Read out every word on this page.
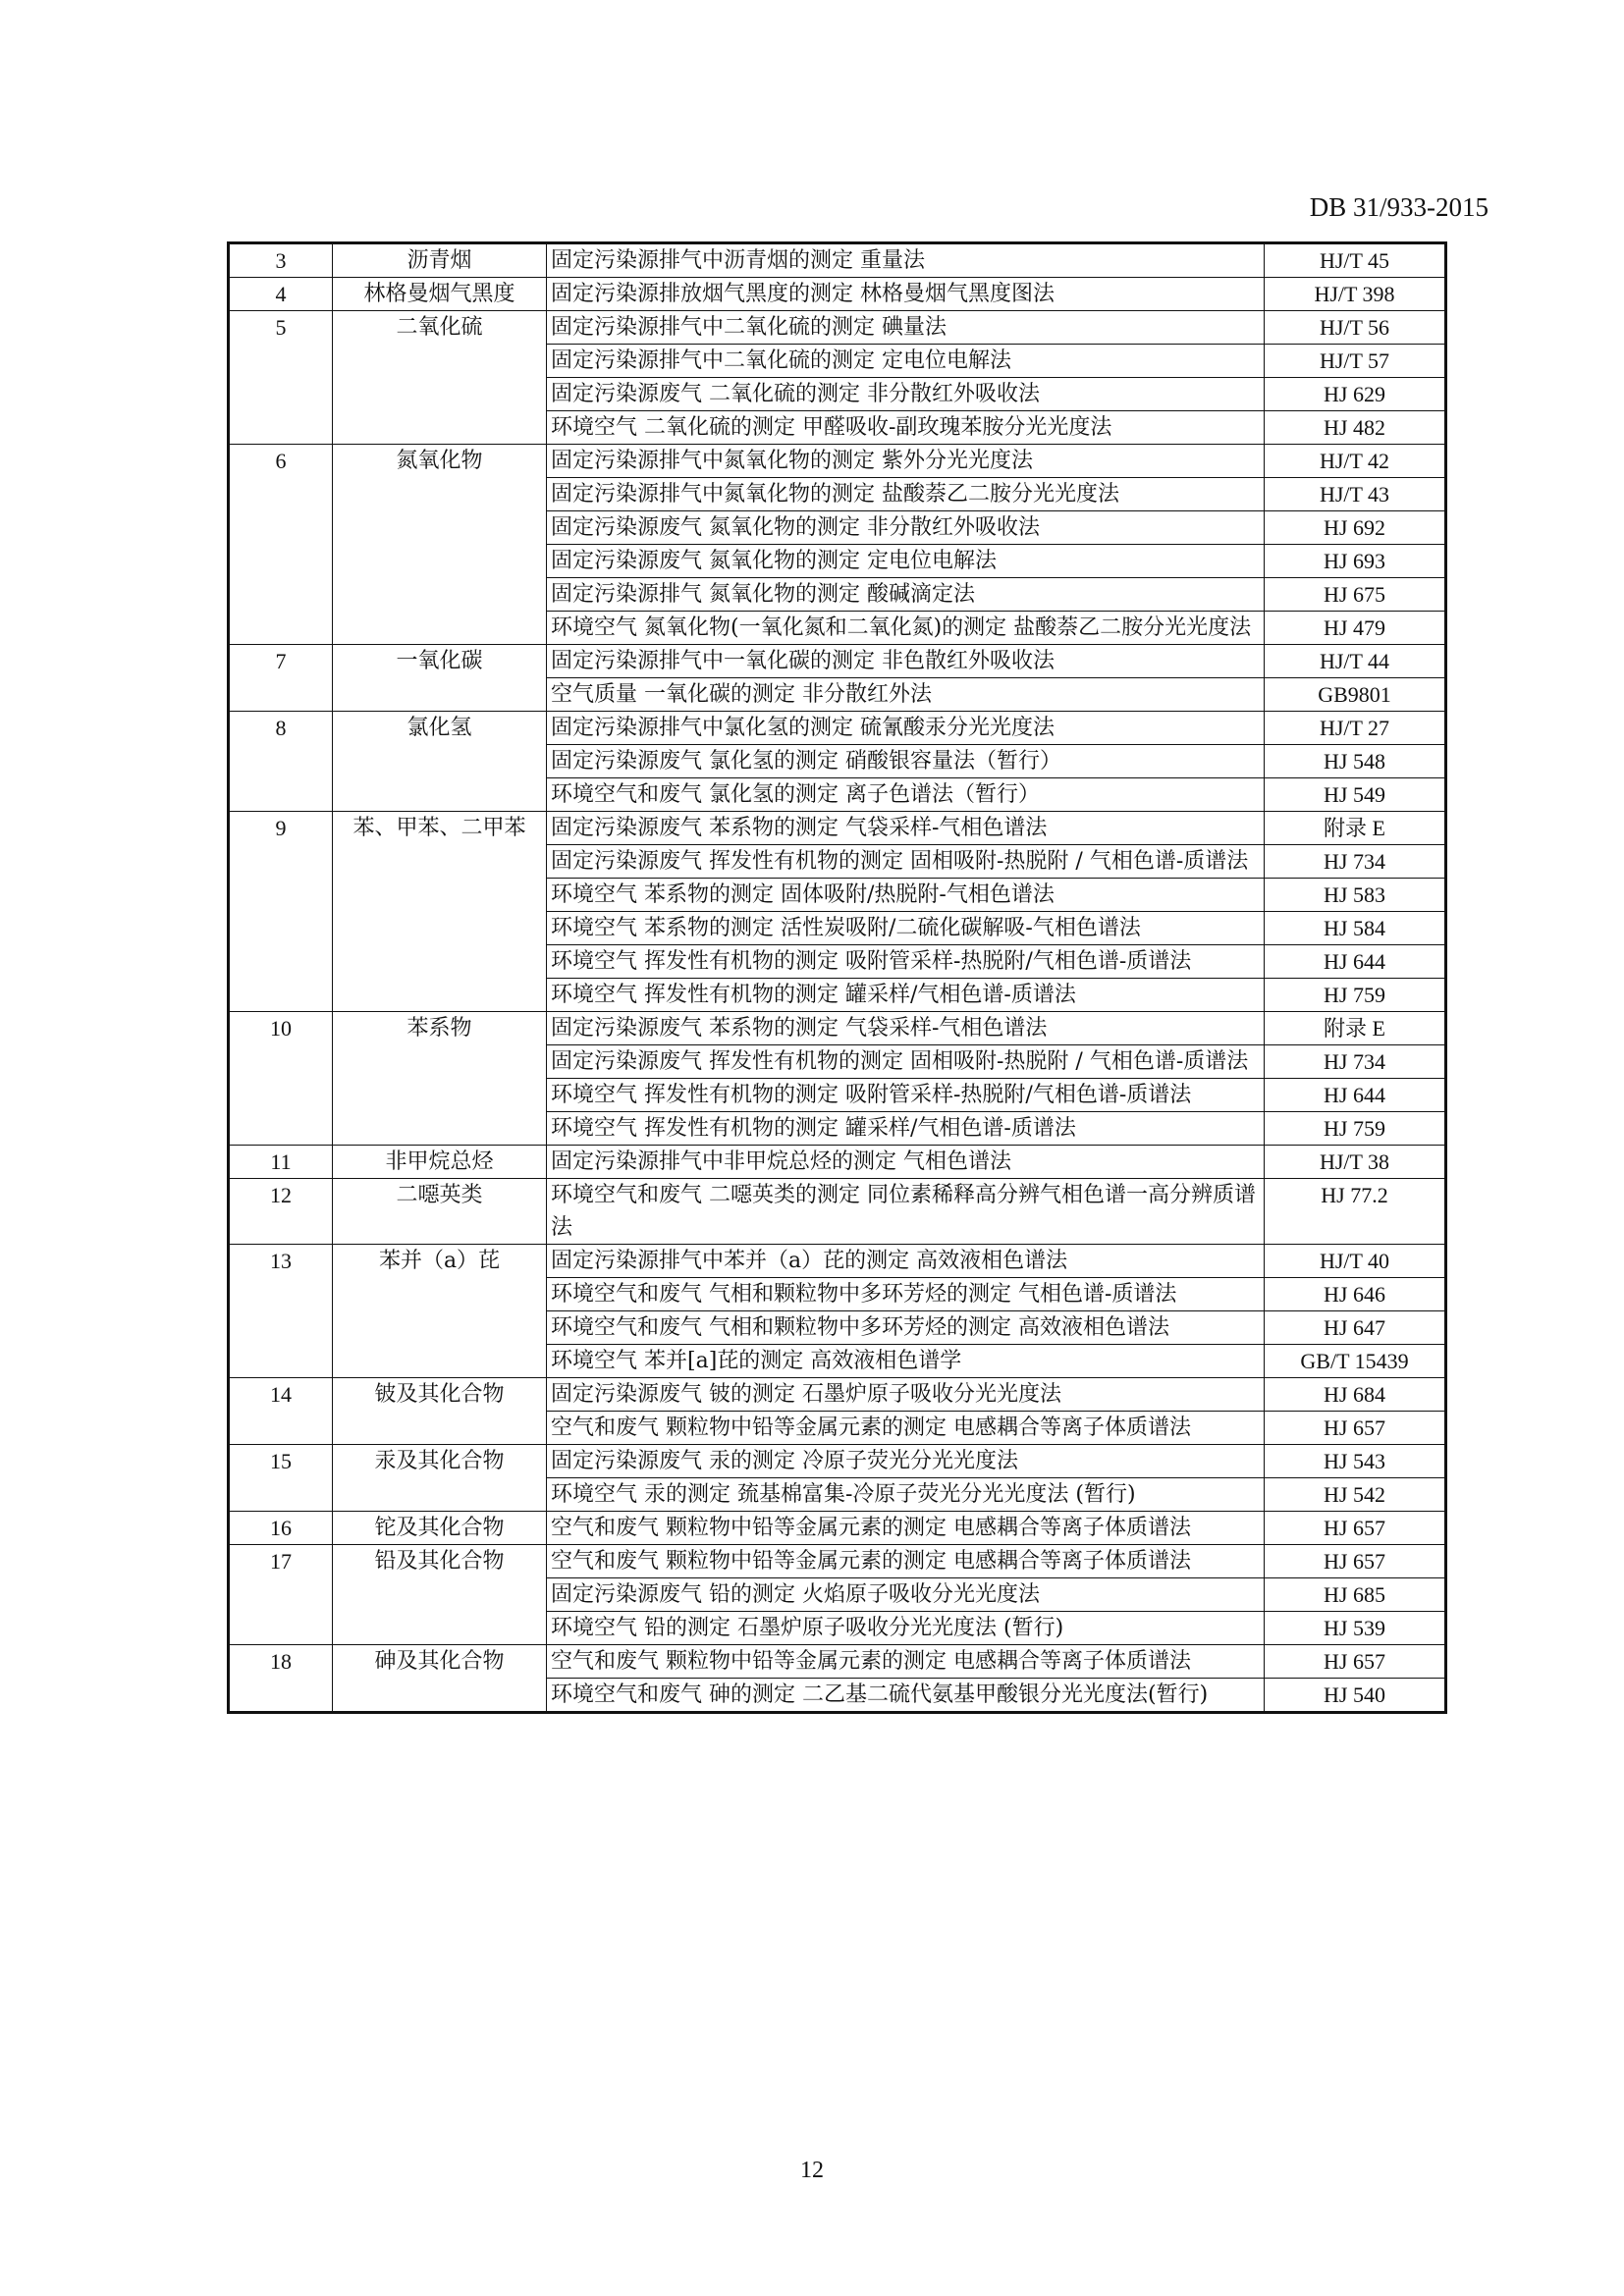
DB 31/933-2015
3	沥青烟	固定污染源排气中沥青烟的测定 重量法	HJ/T 45
4	林格曼烟气黑度	固定污染源排放烟气黑度的测定 林格曼烟气黑度图法	HJ/T 398
5	二氧化硫	固定污染源排气中二氧化硫的测定 碘量法	HJ/T 56
		固定污染源排气中二氧化硫的测定 定电位电解法	HJ/T 57
		固定污染源废气 二氧化硫的测定 非分散红外吸收法	HJ 629
		环境空气 二氧化硫的测定 甲醛吸收-副玫瑰苯胺分光光度法	HJ 482
6	氮氧化物	固定污染源排气中氮氧化物的测定 紫外分光光度法	HJ/T 42
		固定污染源排气中氮氧化物的测定 盐酸萘乙二胺分光光度法	HJ/T 43
		固定污染源废气 氮氧化物的测定 非分散红外吸收法	HJ 692
		固定污染源废气 氮氧化物的测定 定电位电解法	HJ 693
		固定污染源排气 氮氧化物的测定 酸碱滴定法	HJ 675
		环境空气 氮氧化物(一氧化氮和二氧化氮)的测定 盐酸萘乙二胺分光光度法	HJ 479
7	一氧化碳	固定污染源排气中一氧化碳的测定 非色散红外吸收法	HJ/T 44
		空气质量 一氧化碳的测定 非分散红外法	GB9801
8	氯化氢	固定污染源排气中氯化氢的测定 硫氰酸汞分光光度法	HJ/T 27
		固定污染源废气 氯化氢的测定 硝酸银容量法（暂行）	HJ 548
		环境空气和废气 氯化氢的测定 离子色谱法（暂行）	HJ 549
9	苯、甲苯、二甲苯	固定污染源废气 苯系物的测定 气袋采样-气相色谱法	附录 E
		固定污染源废气 挥发性有机物的测定 固相吸附-热脱附 / 气相色谱-质谱法	HJ 734
		环境空气 苯系物的测定 固体吸附/热脱附-气相色谱法	HJ 583
		环境空气 苯系物的测定 活性炭吸附/二硫化碳解吸-气相色谱法	HJ 584
		环境空气 挥发性有机物的测定 吸附管采样-热脱附/气相色谱-质谱法	HJ 644
		环境空气 挥发性有机物的测定 罐采样/气相色谱-质谱法	HJ 759
10	苯系物	固定污染源废气 苯系物的测定 气袋采样-气相色谱法	附录 E
		固定污染源废气 挥发性有机物的测定 固相吸附-热脱附 / 气相色谱-质谱法	HJ 734
		环境空气 挥发性有机物的测定 吸附管采样-热脱附/气相色谱-质谱法	HJ 644
		环境空气 挥发性有机物的测定 罐采样/气相色谱-质谱法	HJ 759
11	非甲烷总烃	固定污染源排气中非甲烷总烃的测定 气相色谱法	HJ/T 38
12	二噁英类	环境空气和废气 二噁英类的测定 同位素稀释高分辨气相色谱一高分辨质谱法	HJ 77.2
13	苯并（a）芘	固定污染源排气中苯并（a）芘的测定 高效液相色谱法	HJ/T 40
		环境空气和废气 气相和颗粒物中多环芳烃的测定 气相色谱-质谱法	HJ 646
		环境空气和废气 气相和颗粒物中多环芳烃的测定 高效液相色谱法	HJ 647
		环境空气 苯并[a]芘的测定 高效液相色谱学	GB/T 15439
14	铍及其化合物	固定污染源废气 铍的测定 石墨炉原子吸收分光光度法	HJ 684
		空气和废气 颗粒物中铅等金属元素的测定 电感耦合等离子体质谱法	HJ 657
15	汞及其化合物	固定污染源废气 汞的测定 冷原子荧光分光光度法	HJ 543
		环境空气 汞的测定 巯基棉富集-冷原子荧光分光光度法 (暂行)	HJ 542
16	铊及其化合物	空气和废气 颗粒物中铅等金属元素的测定 电感耦合等离子体质谱法	HJ 657
17	铅及其化合物	空气和废气 颗粒物中铅等金属元素的测定 电感耦合等离子体质谱法	HJ 657
		固定污染源废气 铅的测定 火焰原子吸收分光光度法	HJ 685
		环境空气 铅的测定 石墨炉原子吸收分光光度法 (暂行)	HJ 539
18	砷及其化合物	空气和废气 颗粒物中铅等金属元素的测定 电感耦合等离子体质谱法	HJ 657
		环境空气和废气 砷的测定 二乙基二硫代氨基甲酸银分光光度法(暂行)	HJ 540
12
